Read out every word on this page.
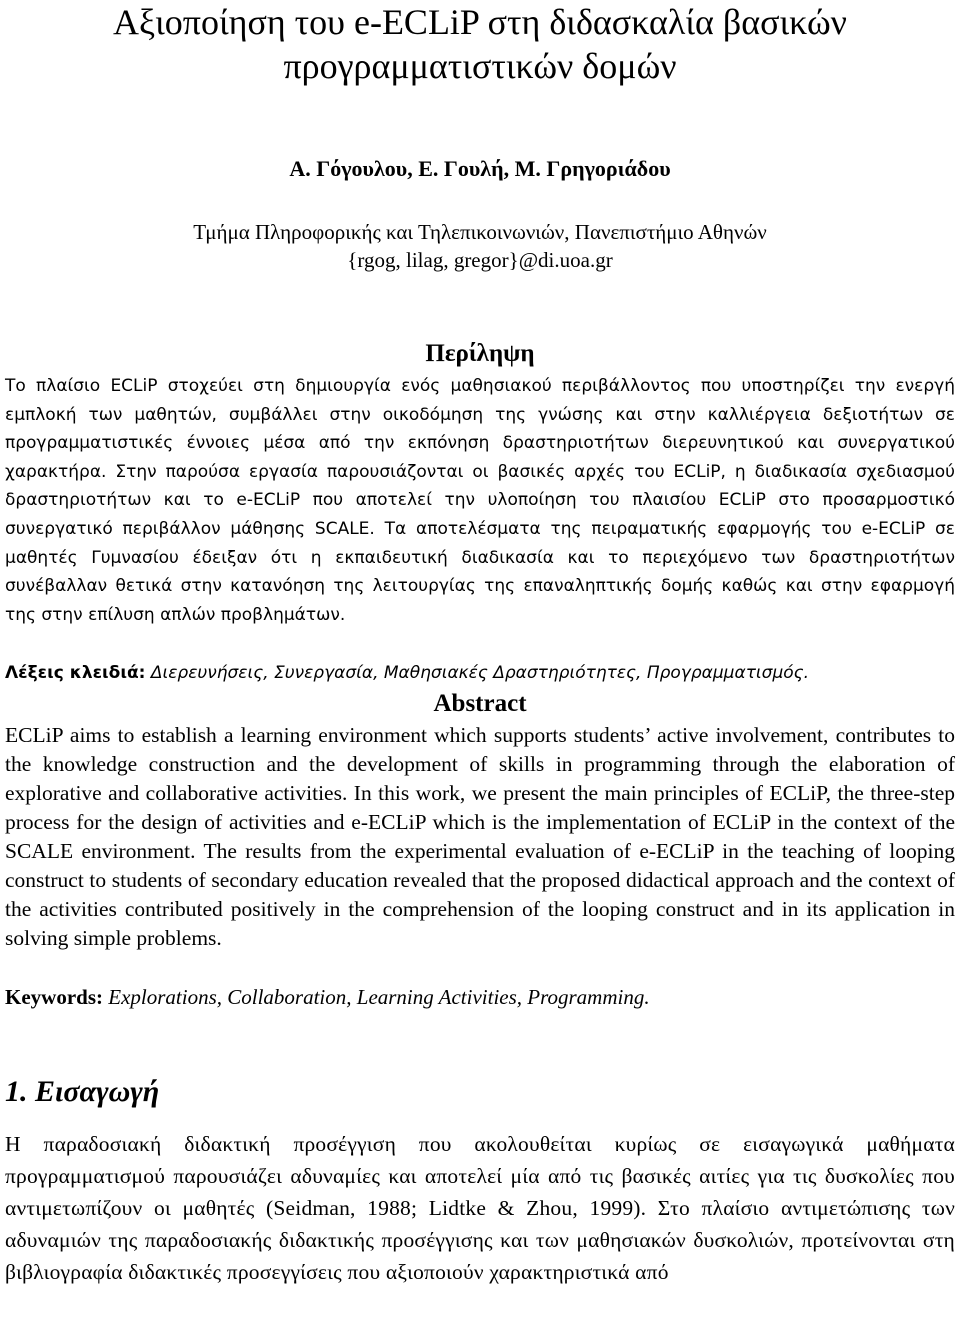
Αξιοποίηση του e-ECLiP στη διδασκαλία βασικών προγραμματιστικών δομών
Α. Γόγουλου, Ε. Γουλή, Μ. Γρηγοριάδου
Τμήμα Πληροφορικής και Τηλεπικοινωνιών, Πανεπιστήμιο Αθηνών
{rgog, lilag, gregor}@di.uoa.gr
Περίληψη
Το πλαίσιο ECLiP στοχεύει στη δημιουργία ενός μαθησιακού περιβάλλοντος που υποστηρίζει την ενεργή εμπλοκή των μαθητών, συμβάλλει στην οικοδόμηση της γνώσης και στην καλλιέργεια δεξιοτήτων σε προγραμματιστικές έννοιες μέσα από την εκπόνηση δραστηριοτήτων διερευνητικού και συνεργατικού χαρακτήρα. Στην παρούσα εργασία παρουσιάζονται οι βασικές αρχές του ECLiP, η διαδικασία σχεδιασμού δραστηριοτήτων και το e-ECLiP που αποτελεί την υλοποίηση του πλαισίου ECLiP στο προσαρμοστικό συνεργατικό περιβάλλον μάθησης SCALE. Τα αποτελέσματα της πειραματικής εφαρμογής του e-ECLiP σε μαθητές Γυμνασίου έδειξαν ότι η εκπαιδευτική διαδικασία και το περιεχόμενο των δραστηριοτήτων συνέβαλλαν θετικά στην κατανόηση της λειτουργίας της επαναληπτικής δομής καθώς και στην εφαρμογή της στην επίλυση απλών προβλημάτων.
Λέξεις κλειδιά: Διερευνήσεις, Συνεργασία, Μαθησιακές Δραστηριότητες, Προγραμματισμός.
Abstract
ECLiP aims to establish a learning environment which supports students’ active involvement, contributes to the knowledge construction and the development of skills in programming through the elaboration of explorative and collaborative activities. In this work, we present the main principles of ECLiP, the three-step process for the design of activities and e-ECLiP which is the implementation of ECLiP in the context of the SCALE environment. The results from the experimental evaluation of e-ECLiP in the teaching of looping construct to students of secondary education revealed that the proposed didactical approach and the context of the activities contributed positively in the comprehension of the looping construct and in its application in solving simple problems.
Keywords: Explorations, Collaboration, Learning Activities, Programming.
1. Εισαγωγή
Η παραδοσιακή διδακτική προσέγγιση που ακολουθείται κυρίως σε εισαγωγικά μαθήματα προγραμματισμού παρουσιάζει αδυναμίες και αποτελεί μία από τις βασικές αιτίες για τις δυσκολίες που αντιμετωπίζουν οι μαθητές (Seidman, 1988; Lidtke & Zhou, 1999). Στο πλαίσιο αντιμετώπισης των αδυναμιών της παραδοσιακής διδακτικής προσέγγισης και των μαθησιακών δυσκολιών, προτείνονται στη βιβλιογραφία διδακτικές προσεγγίσεις που αξιοποιούν χαρακτηριστικά από
